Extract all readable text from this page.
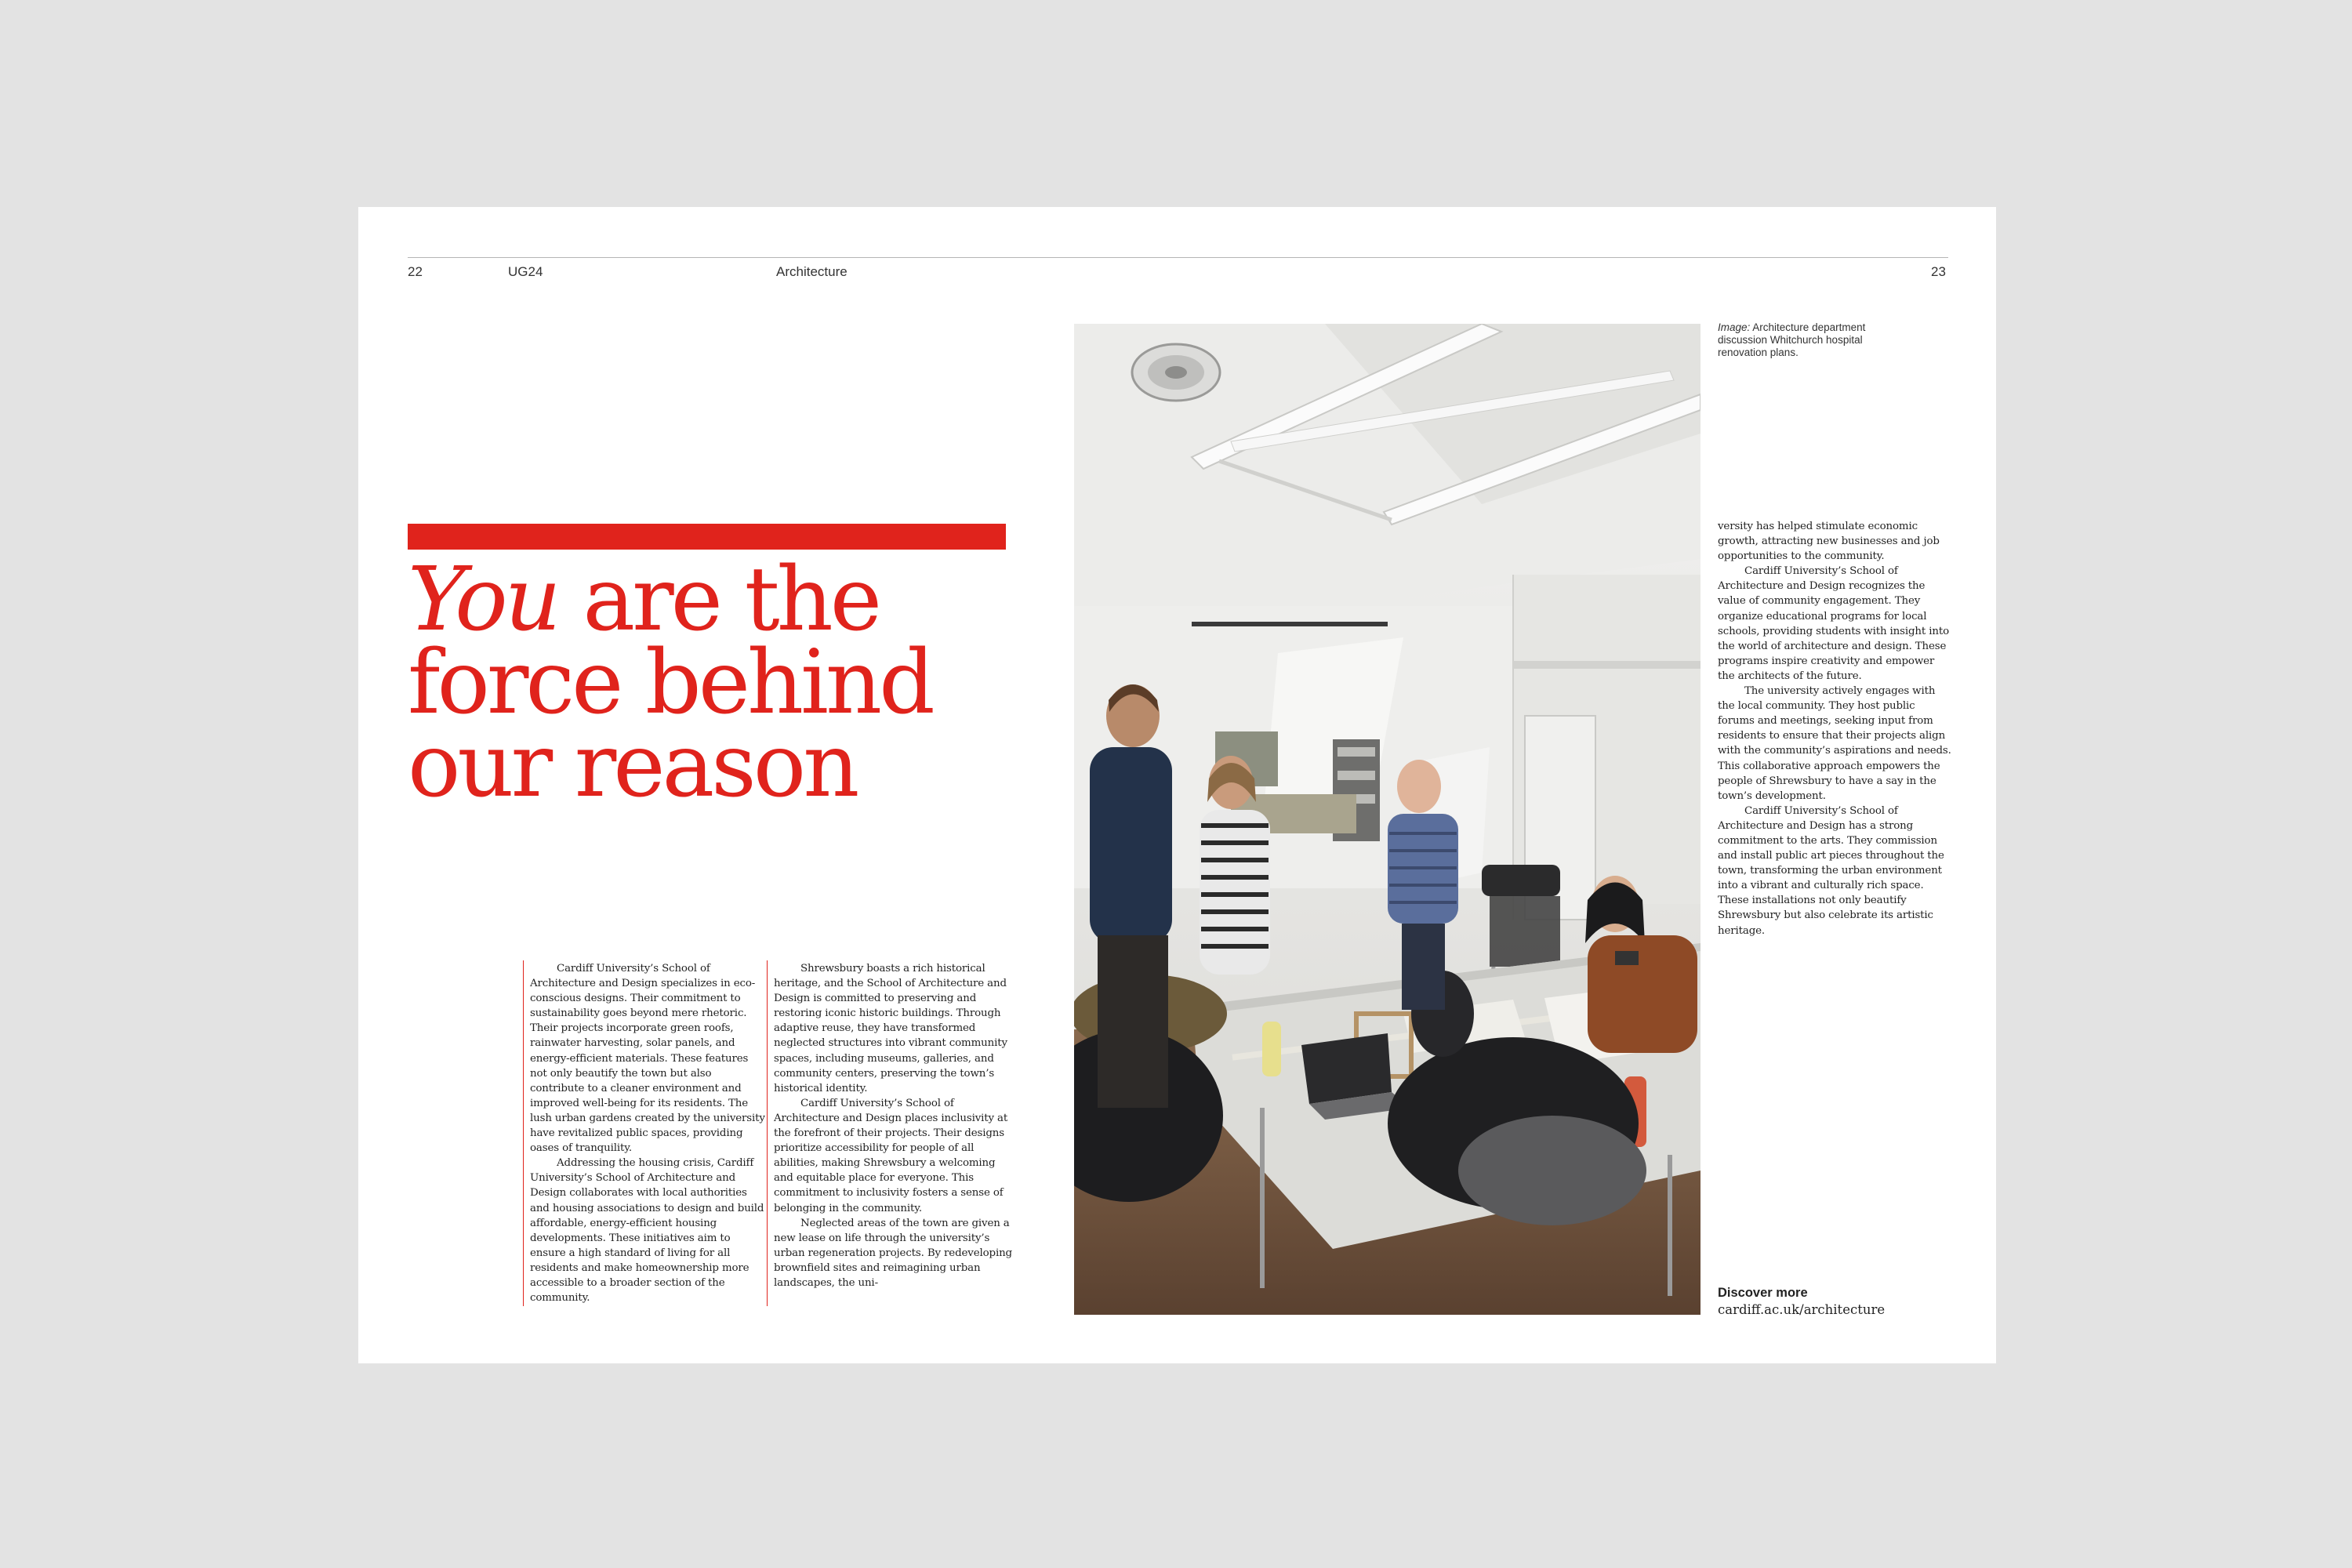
22	UG24	Architecture	23
You are the
force behind
our reason

Cardiff University’s School of Architecture and Design specializes in eco-conscious designs. Their commitment to sustainability goes beyond mere rhetoric. Their projects incorporate green roofs, rainwater harvesting, solar panels, and energy-efficient materials. These features not only beautify the town but also contribute to a cleaner environment and improved well-being for its residents. The lush urban gardens created by the university have revitalized public spaces, providing oases of tranquility.

Addressing the housing crisis, Cardiff University’s School of Architecture and Design collaborates with local authorities and housing associations to design and build affordable, energy-efficient housing developments. These initiatives aim to ensure a high standard of living for all residents and make homeownership more accessible to a broader section of the community.

Shrewsbury boasts a rich historical heritage, and the School of Architecture and Design is committed to preserving and restoring iconic historic buildings. Through adaptive reuse, they have transformed neglected structures into vibrant community spaces, including museums, galleries, and community centers, preserving the town’s historical identity.

Cardiff University’s School of Architecture and Design places inclusivity at the forefront of their projects. Their designs prioritize accessibility for people of all abilities, making Shrewsbury a welcoming and equitable place for everyone. This commitment to inclusivity fosters a sense of belonging in the community.

Neglected areas of the town are given a new lease on life through the university’s urban regeneration projects. By redeveloping brownfield sites and reimagining urban landscapes, the uni-

Image: Architecture department discussion Whitchurch hospital renovation plans.

versity has helped stimulate economic growth, attracting new businesses and job opportunities to the community.

Cardiff University’s School of Architecture and Design recognizes the value of community engagement. They organize educational programs for local schools, providing students with insight into the world of architecture and design. These programs inspire creativity and empower the architects of the future.

The university actively engages with the local community. They host public forums and meetings, seeking input from residents to ensure that their projects align with the community’s aspirations and needs. This collaborative approach empowers the people of Shrewsbury to have a say in the town’s development.

Cardiff University’s School of Architecture and Design has a strong commitment to the arts. They commission and install public art pieces throughout the town, transforming the urban environment into a vibrant and culturally rich space. These installations not only beautify Shrewsbury but also celebrate its artistic heritage.

Discover more
cardiff.ac.uk/architecture
